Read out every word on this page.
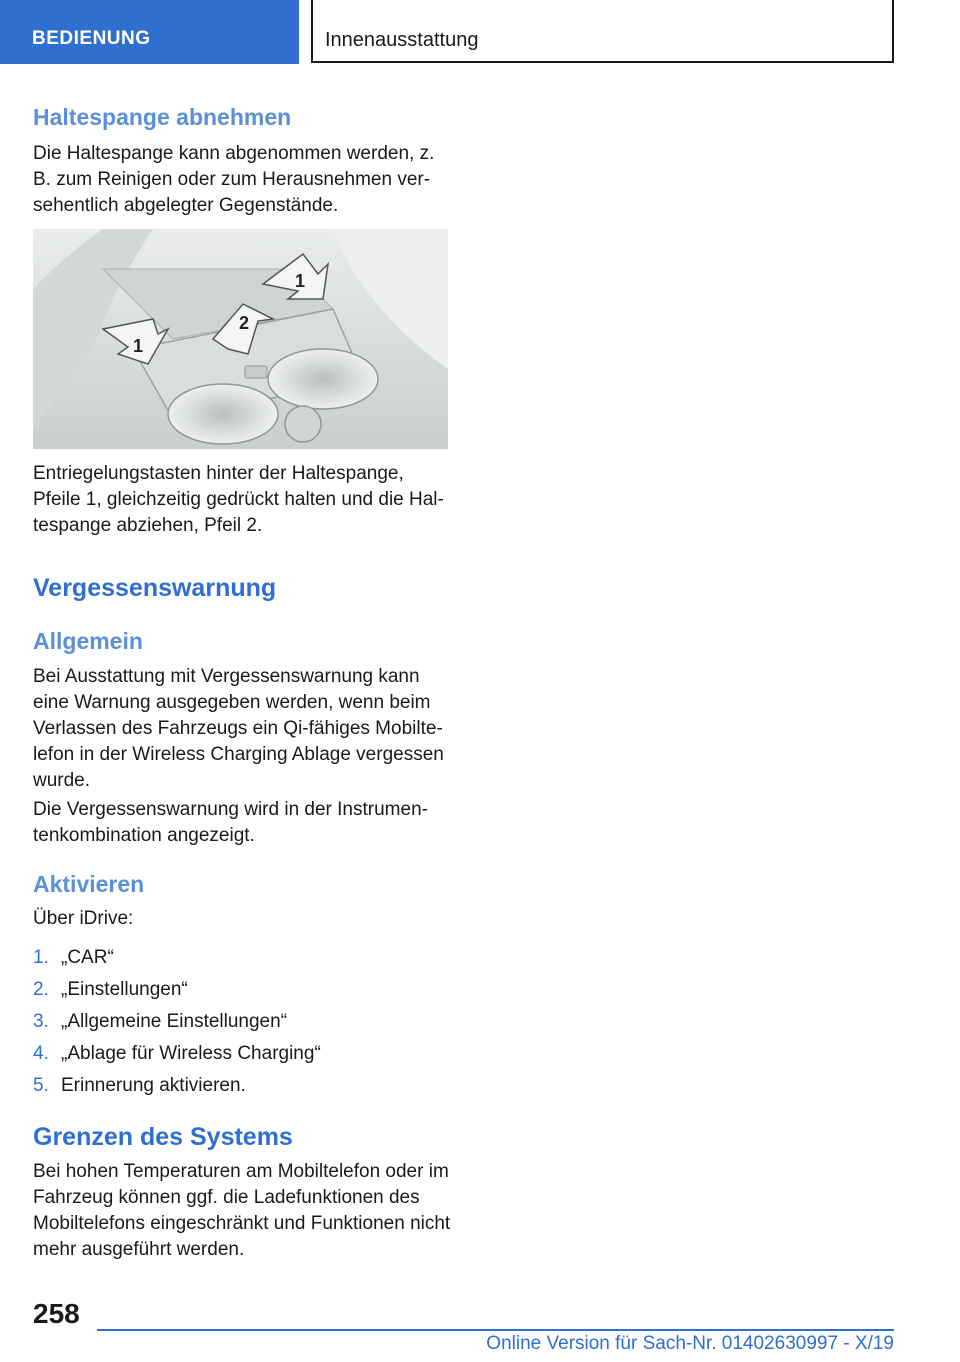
BEDIENUNG	Innenausstattung
Haltespange abnehmen

Die Haltespange kann abgenommen werden, z. B. zum Reinigen oder zum Herausnehmen versehentlich abgelegter Gegenstände.

1
2
1

Entriegelungstasten hinter der Haltespange, Pfeile 1, gleichzeitig gedrückt halten und die Haltespange abziehen, Pfeil 2.

Vergessenswarnung
Allgemein

Bei Ausstattung mit Vergessenswarnung kann eine Warnung ausgegeben werden, wenn beim Verlassen des Fahrzeugs ein Qi-fähiges Mobiltelefon in der Wireless Charging Ablage vergessen wurde.

Die Vergessenswarnung wird in der Instrumentenkombination angezeigt.

Aktivieren

Über iDrive:

1. „CAR“
2. „Einstellungen“
3. „Allgemeine Einstellungen“
4. „Ablage für Wireless Charging“
5. Erinnerung aktivieren.
Grenzen des Systems

Bei hohen Temperaturen am Mobiltelefon oder im Fahrzeug können ggf. die Ladefunktionen des Mobiltelefons eingeschränkt und Funktionen nicht mehr ausgeführt werden.

258
Online Version für Sach-Nr. 01402630997 - X/19
